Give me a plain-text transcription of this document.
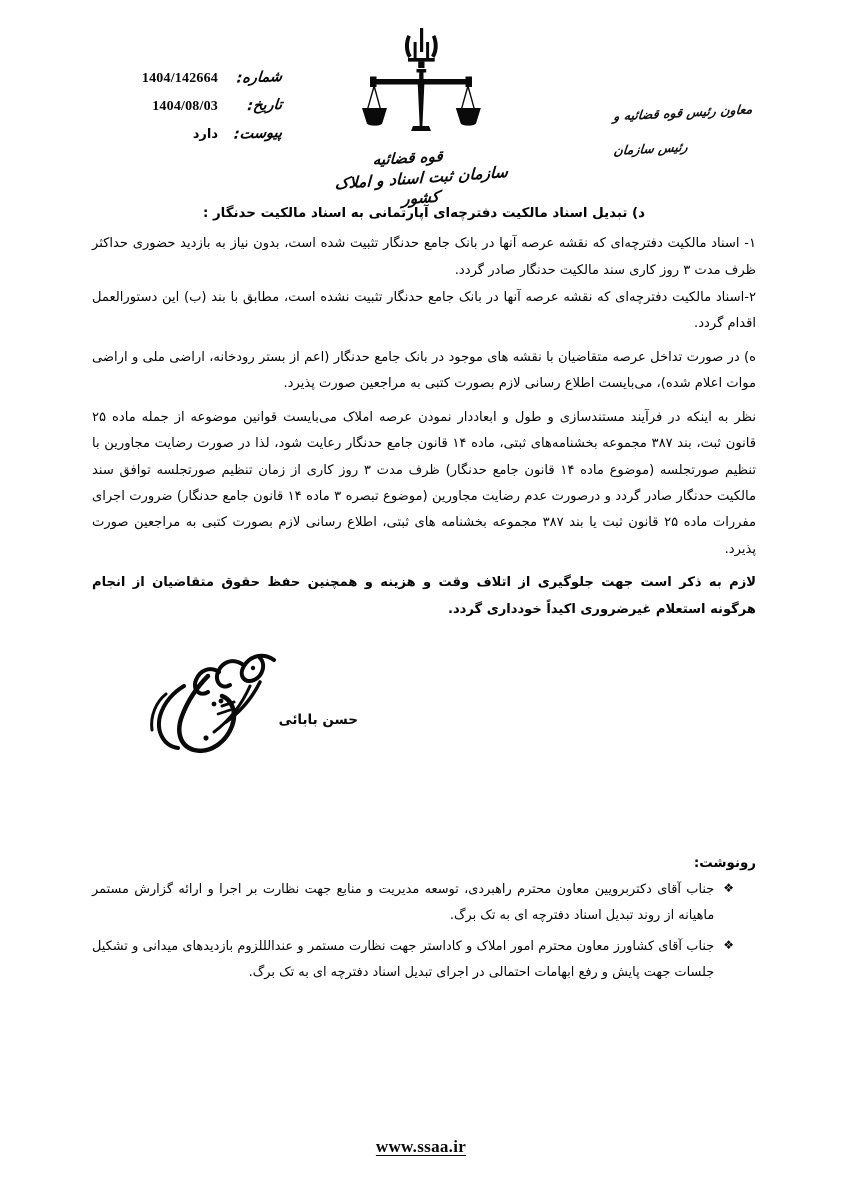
قوه قضائیه
سازمان ثبت اسناد و املاک کشور
شماره:
1404/142664
تاریخ:
1404/08/03
پیوست:
دارد
معاون رئیس قوه قضائیه و رئیس سازمان

د) تبدیل اسناد مالکیت دفترچه‌ای آپارتمانی به اسناد مالکیت حدنگار :

۱- اسناد مالکیت دفترچه‌ای که نقشه عرصه آنها در بانک جامع حدنگار تثبیت شده است، بدون نیاز به بازدید حضوری حداکثر ظرف مدت ۳ روز کاری سند مالکیت حدنگار صادر گردد.

۲-اسناد مالکیت دفترچه‌ای که نقشه عرصه آنها در بانک جامع حدنگار تثبیت نشده است، مطابق با بند (ب) این دستورالعمل اقدام گردد.

ه) در صورت تداخل عرصه متقاضیان با نقشه های موجود در بانک جامع حدنگار (اعم از بستر رودخانه، اراضی ملی و اراضی موات اعلام شده)، می‌بایست اطلاع رسانی لازم بصورت کتبی به مراجعین صورت پذیرد.

نظر به اینکه در فرآیند مستندسازی و طول و ابعاددار نمودن عرصه املاک می‌بایست قوانین موضوعه از جمله ماده ۲۵ قانون ثبت، بند ۳۸۷ مجموعه بخشنامه‌های ثبتی، ماده ۱۴ قانون جامع حدنگار رعایت شود، لذا در صورت رضایت مجاورین با تنظیم صورتجلسه (موضوع ماده ۱۴ قانون جامع حدنگار) ظرف مدت ۳ روز کاری از زمان تنظیم صورتجلسه توافق سند مالکیت حدنگار صادر گردد و درصورت عدم رضایت مجاورین (موضوع تبصره ۳ ماده ۱۴ قانون جامع حدنگار) ضرورت اجرای مفررات ماده ۲۵ قانون ثبت یا بند ۳۸۷ مجموعه بخشنامه های ثبتی، اطلاع رسانی لازم بصورت کتبی به مراجعین صورت پذیرد.

لازم به ذکر است جهت جلوگیری از اتلاف وقت و هزینه و همچنین حفظ حقوق متقاضیان از انجام هرگونه استعلام غیرضروری اکیداً خودداری گردد.

حسن بابائی
رونوشت:
❖
جناب آقای دکتربرویین معاون محترم راهبردی، توسعه مدیریت و منابع جهت نظارت بر اجرا و ارائه گزارش مستمر ماهیانه از روند تبدیل اسناد دفترچه ای به تک برگ.
❖
جناب آقای کشاورز معاون محترم امور املاک و کاداستر جهت نظارت مستمر و عندالللزوم بازدیدهای میدانی و تشکیل جلسات جهت پایش و رفع ابهامات احتمالی در اجرای تبدیل اسناد دفترچه ای به تک برگ.
www.ssaa.ir
